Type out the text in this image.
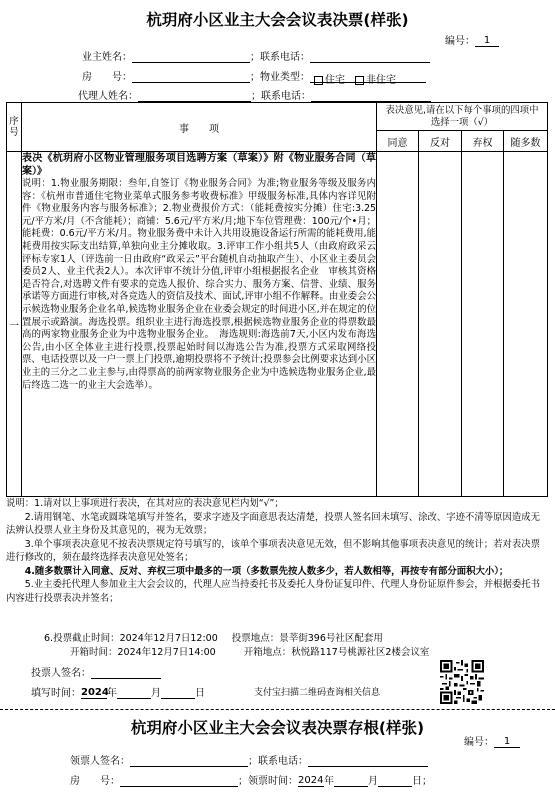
杭玥府小区业主大会会议表决票(样张)
编号： 1
业主姓名：	；联系电话：
房　　号：	；物业类型： 住宅 非住宅
代理人姓名：	；联系电话：
序号	事　　项	表决意见,请在以下每个事项的四项中选择一项（√）			
		同意	反对	弃权	随多数
一	表决《杭玥府小区物业管理服务项目选聘方案（草案）》附《物业服务合同（草案）》
说明：1.物业服务期限：叁年,自签订《物业服务合同》为准;物业服务等级及服务内容：《杭州市普通住宅物业菜单式服务参考收费标准》甲级服务标准,具体内容详见附件《物业服务内容与服务标准》；2.物业费报价方式：（能耗费按实分摊）住宅:3.25元/平方米/月（不含能耗）；商铺：5.6元/平方米/月;地下车位管理费：100元/个•月；能耗费：0.6元/平方米/月。物业服务费中未计入共用设施设备运行所需的能耗费用,能耗费用按实际支出结算,单独向业主分摊收取。3.评审工作小组共5人（由政府政采云评标专家1人（评选前一日由政府“政采云”平台随机自动抽取产生）、小区业主委员会委员2人、业主代表2人）。本次评审不统计分值,评审小组根据报名企业　审核其资格是否符合,对选聘文件有要求的竞选人报价、综合实力、服务方案、信誉、业绩、服务承诺等方面进行审核,对各竞选人的资信及技术、面试,评审小组不作解释。由业委会公示候选物业服务企业名单,候选物业服务企业在业委会规定的时间进小区,并在规定的位置展示或路演。海选投票。组织业主进行海选投票,根据候选物业服务企业的得票数最高的两家物业服务企业为中选物业服务企业。　海选规则:海选前7天,小区内发布海选公告,由小区全体业主进行投票,投票起始时间以海选公告为准,投票方式采取网络投票、电话投票以及一户一票上门投票,逾期投票将不予统计;投票参会比例要求达到小区业主的三分之二业主参与,由得票高的前两家物业服务企业为中选候选物业服务企业,最后终选二选一的业主大会选举）。				

说明：1.请对以上事项进行表决，在其对应的表决意见栏内划“√”；

　　2.请用钢笔、水笔或圆珠笔填写并签名，要求字迹及字面意思表达清楚，投票人签名回未填写、涂改、字迹不清等原因造成无法辨认投票人业主身份及其意见的，视为无效票；

　　3.单个事项表决意见不按表决票规定符号填写的，该单个事项表决意见无效，但不影响其他事项表决意见的统计；若对表决票进行修改的，须在最终选择表决意见处签名；

　　4.随多数票计入同意、反对、弃权三项中最多的一项（多数票先按人数多少，若人数相等，再按专有部分面积大小）；

　　5.业主委托代理人参加业主大会会议的，代理人应当持委托书及委托人身份证复印件、代理人身份证原件参会，并根据委托书内容进行投票表决并签名；

6.投票截止时间：2024年12月7日12:00 投票地点：景莘街396号社区配套用
开箱时间：2024年12月7日14:00	开箱地点：秋悦路117号桃源社区2楼会议室
投票人签名：
填写时间：2024年	月	日	支付宝扫描二维码查询相关信息
杭玥府小区业主大会会议表决票存根(样张)
编号： 1
领票人签名：	；联系电话：
房　　号：	；领票时间：2024年	月	日；
